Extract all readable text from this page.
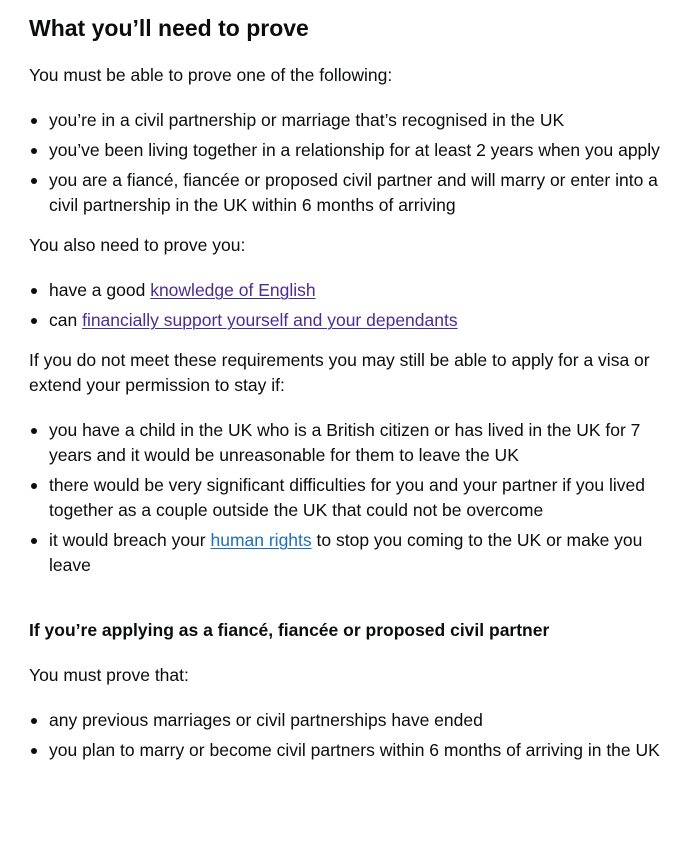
What you’ll need to prove

You must be able to prove one of the following:

you’re in a civil partnership or marriage that’s recognised in the UK
you’ve been living together in a relationship for at least 2 years when you apply
you are a fiancé, fiancée or proposed civil partner and will marry or enter into a civil partnership in the UK within 6 months of arriving

You also need to prove you:

have a good knowledge of English
can financially support yourself and your dependants

If you do not meet these requirements you may still be able to apply for a visa or extend your permission to stay if:

you have a child in the UK who is a British citizen or has lived in the UK for 7 years and it would be unreasonable for them to leave the UK
there would be very significant difficulties for you and your partner if you lived together as a couple outside the UK that could not be overcome
it would breach your human rights to stop you coming to the UK or make you leave
If you’re applying as a fiancé, fiancée or proposed civil partner

You must prove that:

any previous marriages or civil partnerships have ended
you plan to marry or become civil partners within 6 months of arriving in the UK
